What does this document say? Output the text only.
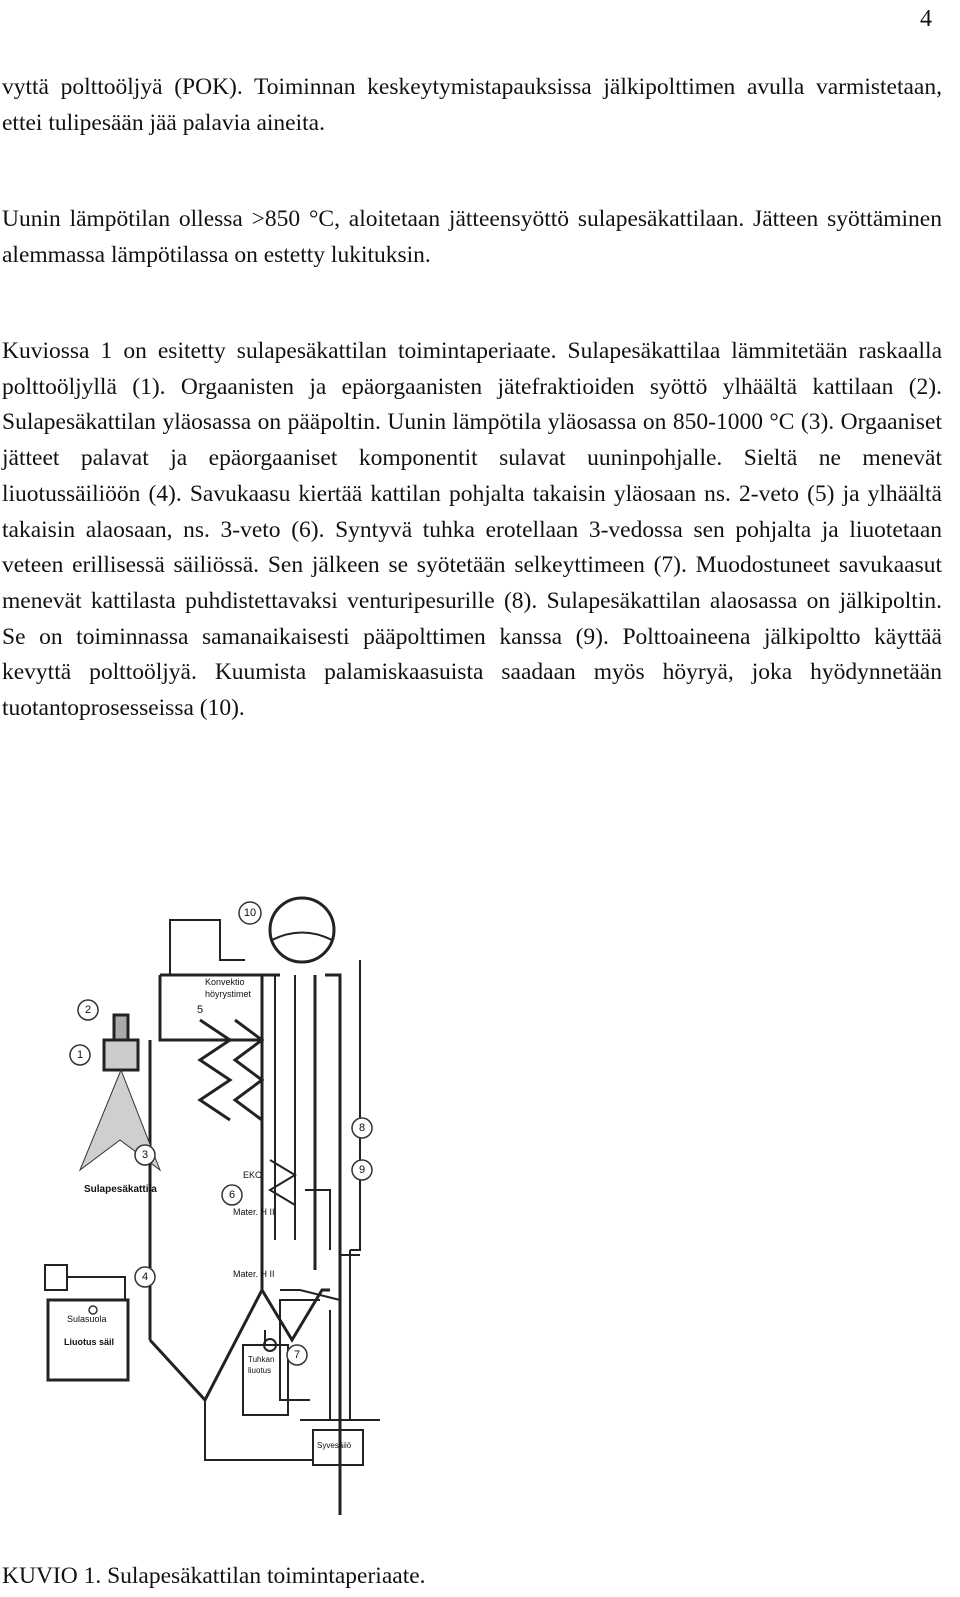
4

vyttä polttoöljyä (POK). Toiminnan keskeytymistapauksissa jälkipolttimen avulla varmistetaan, ettei tulipesään jää palavia aineita.

Uunin lämpötilan ollessa >850 °C, aloitetaan jätteensyöttö sulapesäkattilaan. Jätteen syöttäminen alemmassa lämpötilassa on estetty lukituksin.

Kuviossa 1 on esitetty sulapesäkattilan toimintaperiaate. Sulapesäkattilaa lämmitetään raskaalla polttoöljyllä (1). Orgaanisten ja epäorgaanisten jätefraktioiden syöttö ylhäältä kattilaan (2). Sulapesäkattilan yläosassa on pääpoltin. Uunin lämpötila yläosassa on 850-1000 °C (3). Orgaaniset jätteet palavat ja epäorgaaniset komponentit sulavat uuninpohjalle. Sieltä ne menevät liuotussäiliöön (4). Savukaasu kiertää kattilan pohjalta takaisin yläosaan ns. 2-veto (5) ja ylhäältä takaisin alaosaan, ns. 3-veto (6). Syntyvä tuhka erotellaan 3-vedossa sen pohjalta ja liuotetaan veteen erillisessä säiliössä. Sen jälkeen se syötetään selkeyttimeen (7). Muodostuneet savukaasut menevät kattilasta puhdistettavaksi venturipesurille (8). Sulapesäkattilan alaosassa on jälkipoltin. Se on toiminnassa samanaikaisesti pääpolttimen kanssa (9). Polttoaineena jälkipoltto käyttää kevyttä polttoöljyä. Kuumista palamiskaasuista saadaan myös höyryä, joka hyödynnetään tuotantoprosesseissa (10).

10
2
1
3
4
6
7
8
9
5
Konvektio
höyrystimet
Sulapesäkattila
EKO
Mater. H II
Mater. H II
Sulasuola
Liuotus säil
Tuhkan
liuotus
Syvesäiiö

KUVIO 1. Sulapesäkattilan toimintaperiaate.
